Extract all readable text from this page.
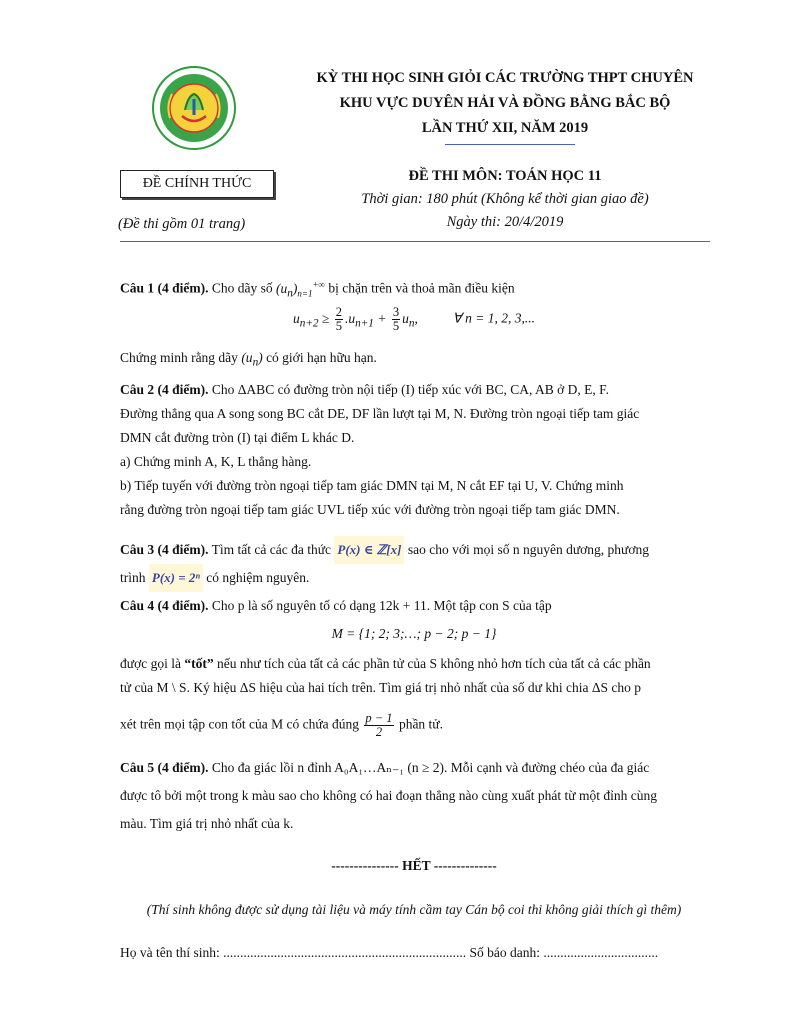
KỲ THI HỌC SINH GIỎI CÁC TRƯỜNG THPT CHUYÊN
KHU VỰC DUYÊN HẢI VÀ ĐỒNG BẰNG BẮC BỘ
LẦN THỨ XII, NĂM 2019
ĐỀ CHÍNH THỨC	ĐỀ THI MÔN: TOÁN HỌC 11
Thời gian: 180 phút (Không kể thời gian giao đề)
Ngày thi: 20/4/2019
(Đề thi gồm 01 trang)
Câu 1 (4 điểm). Cho dãy số $(u_n)_{n=1}^{+\infty}$ bị chặn trên và thoả mãn điều kiện
$u_{n+2} \ge \frac{2}{5} .u_{n+1} + \frac{3}{5} u_n$,	∀ n = 1, 2, 3,...
Chứng minh rằng dãy $(u_n)$ có giới hạn hữu hạn.
Câu 2 (4 điểm). Cho ΔABC có đường tròn nội tiếp (I) tiếp xúc với BC, CA, AB ở D, E, F.
Đường thẳng qua A song song BC cắt DE, DF lần lượt tại M, N. Đường tròn ngoại tiếp tam giác
DMN cắt đường tròn (I) tại điểm L khác D.
a) Chứng minh A, K, L thẳng hàng.
b) Tiếp tuyến với đường tròn ngoại tiếp tam giác DMN tại M, N cắt EF tại U, V. Chứng minh
rằng đường tròn ngoại tiếp tam giác UVL tiếp xúc với đường tròn ngoại tiếp tam giác DMN.
Câu 3 (4 điểm). Tìm tất cả các đa thức P(x) ∈ ℤ[x] sao cho với mọi số n nguyên dương, phương
trình P(x) = 2ⁿ có nghiệm nguyên.
Câu 4 (4 điểm). Cho p là số nguyên tố có dạng 12k + 11. Một tập con S của tập
M = {1; 2; 3;…; p − 2; p − 1}
được gọi là “tốt” nếu như tích của tất cả các phần tử của S không nhỏ hơn tích của tất cả các phần
tử của M \ S. Ký hiệu ΔS hiệu của hai tích trên. Tìm giá trị nhỏ nhất của số dư khi chia ΔS cho p
xét trên mọi tập con tốt của M có chứa đúng $\frac{p - 1}{2}$ phần tử.
Câu 5 (4 điểm). Cho đa giác lồi n đỉnh A₀A₁…Aₙ₋₁ (n ≥ 2). Mỗi cạnh và đường chéo của đa giác
được tô bởi một trong k màu sao cho không có hai đoạn thẳng nào cùng xuất phát từ một đỉnh cùng
màu. Tìm giá trị nhỏ nhất của k.
--------------- HẾT --------------
(Thí sinh không được sử dụng tài liệu và máy tính cầm tay Cán bộ coi thi không giải thích gì thêm)
Họ và tên thí sinh: ........................................................................ Số báo danh: ..................................
